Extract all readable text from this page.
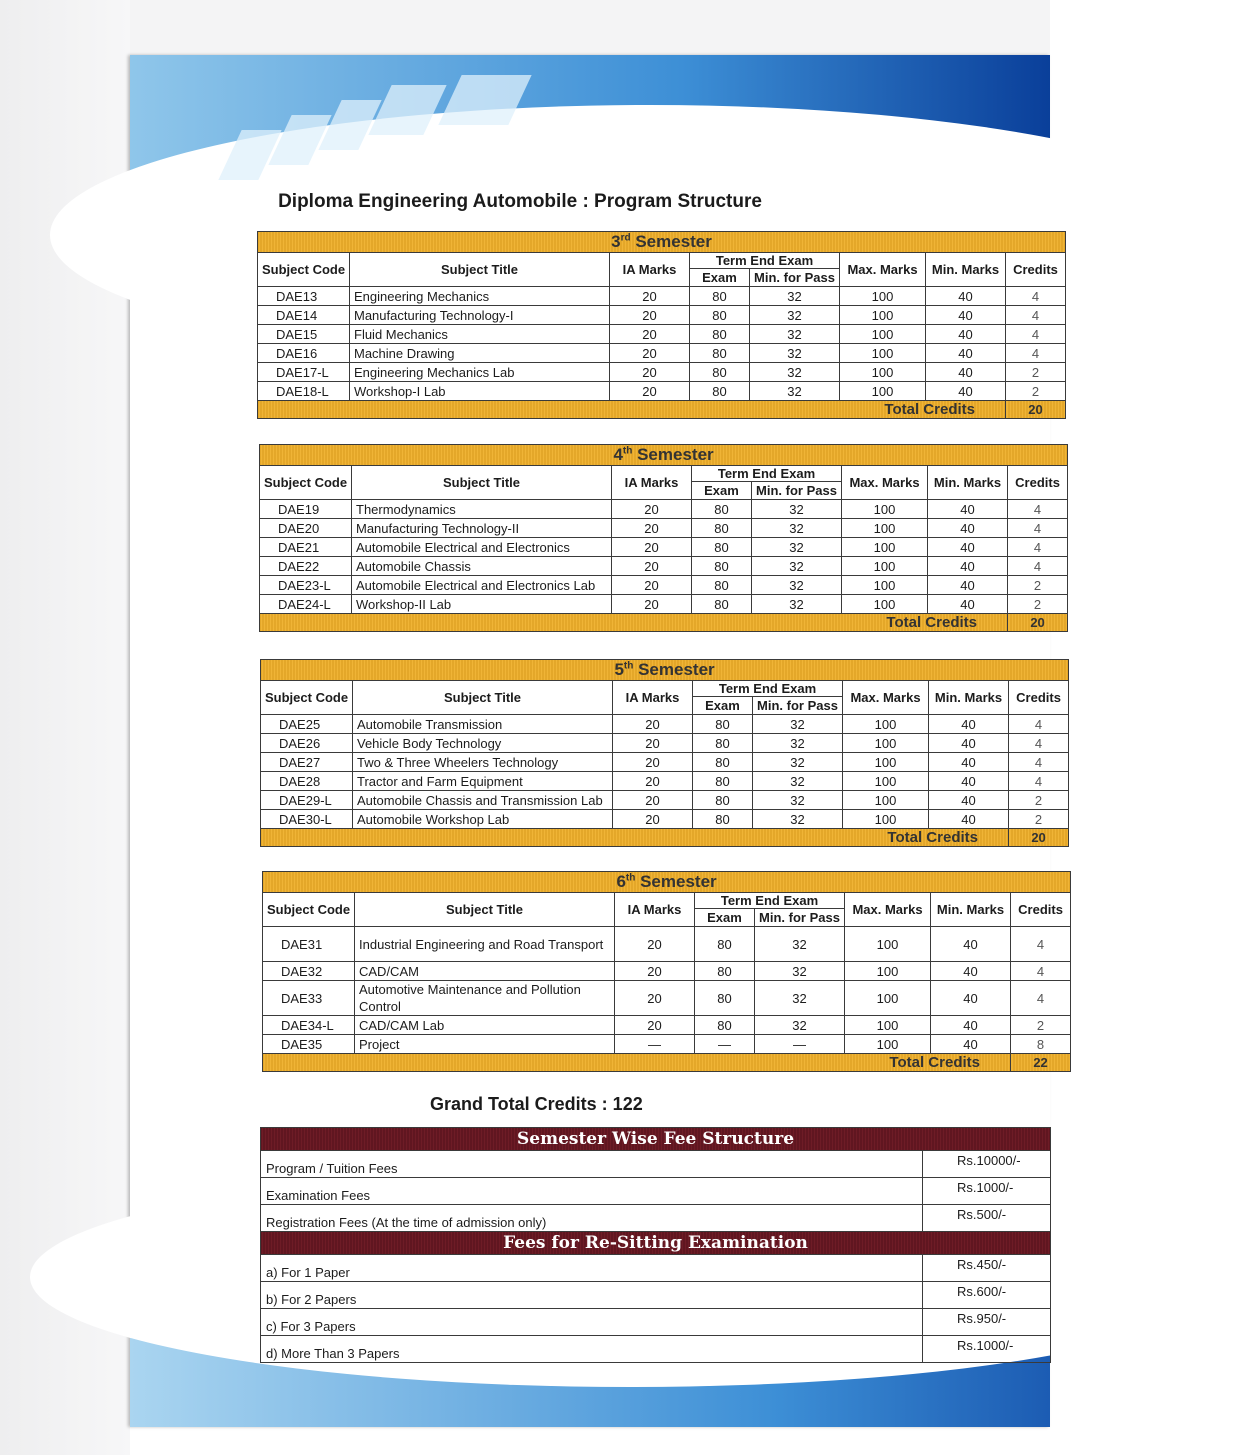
Diploma Engineering Automobile : Program Structure
3rd Semester							
Subject Code	Subject Title	IA Marks	Term End Exam		Max. Marks	Min. Marks	Credits
			Exam	Min. for Pass			
DAE13	Engineering Mechanics	20	80	32	100	40	4
DAE14	Manufacturing Technology-I	20	80	32	100	40	4
DAE15	Fluid Mechanics	20	80	32	100	40	4
DAE16	Machine Drawing	20	80	32	100	40	4
DAE17-L	Engineering Mechanics Lab	20	80	32	100	40	2
DAE18-L	Workshop-I Lab	20	80	32	100	40	2
Total Credits							20
4th Semester							
Subject Code	Subject Title	IA Marks	Term End Exam		Max. Marks	Min. Marks	Credits
			Exam	Min. for Pass			
DAE19	Thermodynamics	20	80	32	100	40	4
DAE20	Manufacturing Technology-II	20	80	32	100	40	4
DAE21	Automobile Electrical and Electronics	20	80	32	100	40	4
DAE22	Automobile Chassis	20	80	32	100	40	4
DAE23-L	Automobile Electrical and Electronics Lab	20	80	32	100	40	2
DAE24-L	Workshop-II Lab	20	80	32	100	40	2
Total Credits							20
5th Semester							
Subject Code	Subject Title	IA Marks	Term End Exam		Max. Marks	Min. Marks	Credits
			Exam	Min. for Pass			
DAE25	Automobile Transmission	20	80	32	100	40	4
DAE26	Vehicle Body Technology	20	80	32	100	40	4
DAE27	Two & Three Wheelers Technology	20	80	32	100	40	4
DAE28	Tractor and Farm Equipment	20	80	32	100	40	4
DAE29-L	Automobile Chassis and Transmission Lab	20	80	32	100	40	2
DAE30-L	Automobile Workshop Lab	20	80	32	100	40	2
Total Credits							20
6th Semester							
Subject Code	Subject Title	IA Marks	Term End Exam		Max. Marks	Min. Marks	Credits
			Exam	Min. for Pass			
DAE31	Industrial Engineering and Road Transport	20	80	32	100	40	4
DAE32	CAD/CAM	20	80	32	100	40	4
DAE33	Automotive Maintenance and Pollution Control	20	80	32	100	40	4
DAE34-L	CAD/CAM Lab	20	80	32	100	40	2
DAE35	Project	—	—	—	100	40	8
Total Credits							22
Grand Total Credits : 122
Semester Wise Fee Structure	
Program / Tuition Fees	Rs.10000/-
Examination Fees	Rs.1000/-
Registration Fees (At the time of admission only)	Rs.500/-
Fees for Re-Sitting Examination	
a) For 1 Paper	Rs.450/-
b) For 2 Papers	Rs.600/-
c) For 3 Papers	Rs.950/-
d) More Than 3 Papers	Rs.1000/-
